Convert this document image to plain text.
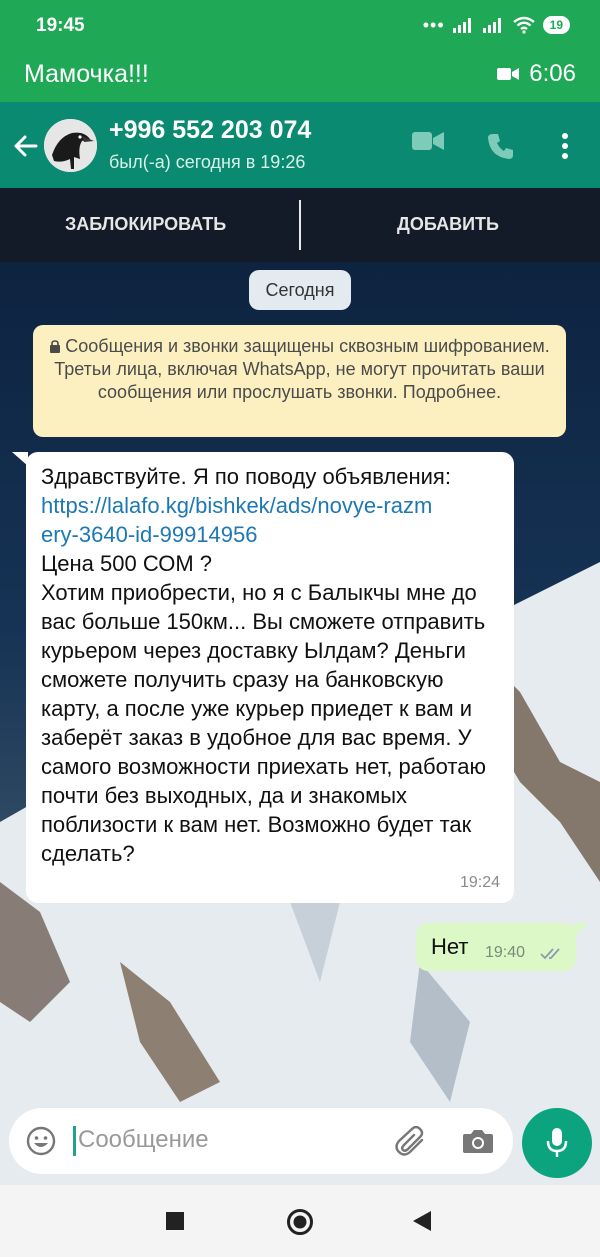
19:45	•••	19
Мамочка!!!	6:06
+996 552 203 074
был(-а) сегодня в 19:26
ЗАБЛОКИРОВАТЬ	ДОБАВИТЬ
Сегодня
Сообщения и звонки защищены сквозным шифрованием. Третьи лица, включая WhatsApp, не могут прочитать ваши сообщения или прослушать звонки. Подробнее.
Здравствуйте. Я по поводу объявления:
https://lalafo.kg/bishkek/ads/novye-razmery-3640-id-99914956
Цена 500 СОМ ?
Хотим приобрести, но я с Балыкчы мне до вас больше 150км... Вы сможете отправить  курьером через доставку Ылдам? Деньги сможете получить сразу на банковскую карту, а после уже курьер приедет к вам и заберёт заказ в удобное для вас время. У самого возможности приехать нет, работаю почти без выходных, да и знакомых поблизости к вам нет. Возможно будет так сделать?
19:24
Нет 19:40
Сообщение
